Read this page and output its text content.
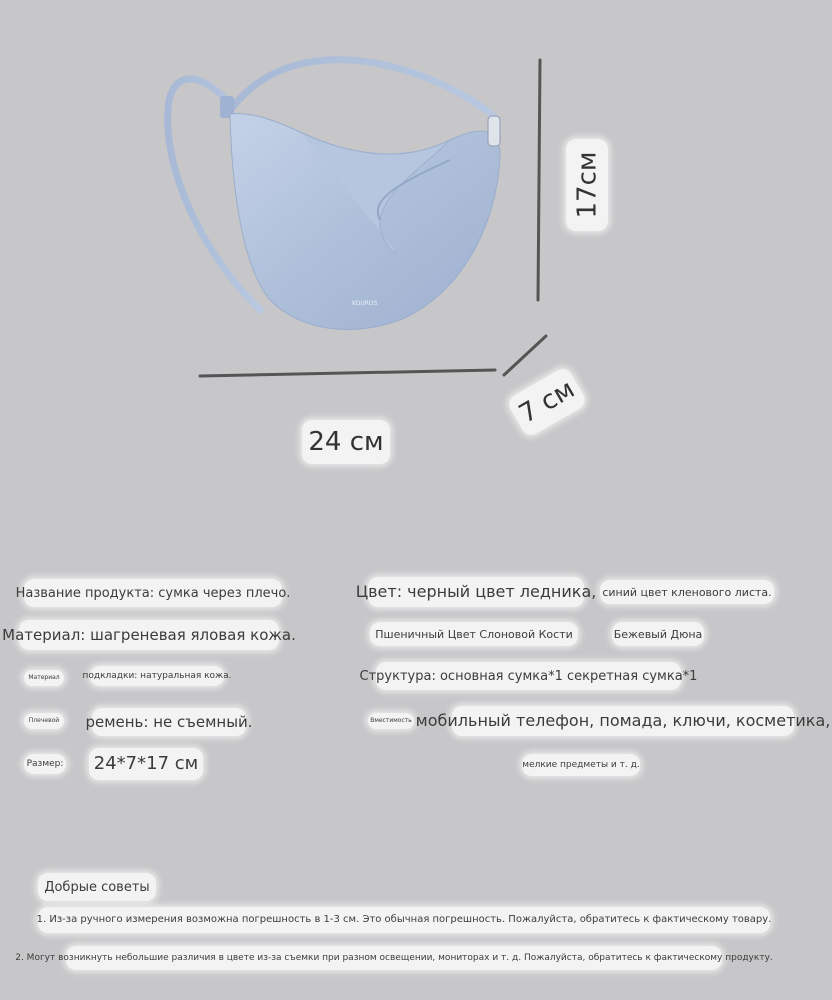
KOUROS
17см
7 см
24 см
Название продукта: сумка через плечо.	Цвет: черный цвет ледника, синий цвет кленового листа.
Материал: шагреневая яловая кожа.	Пшеничный Цвет Слоновой Кости	Бежевый Дюна
Материал	подкладки: натуральная кожа.	Структура: основная сумка*1 секретная сумка*1
Плечевой	ремень: не съемный.	Вместимость мобильный телефон, помада, ключи, косметика,
Размер: 24*7*17 см	мелкие предметы и т. д.
Добрые советы
1. Из-за ручного измерения возможна погрешность в 1-3 см. Это обычная погрешность. Пожалуйста, обратитесь к фактическому товару.
2. Могут возникнуть небольшие различия в цвете из-за съемки при разном освещении, мониторах и т. д. Пожалуйста, обратитесь к фактическому продукту.
